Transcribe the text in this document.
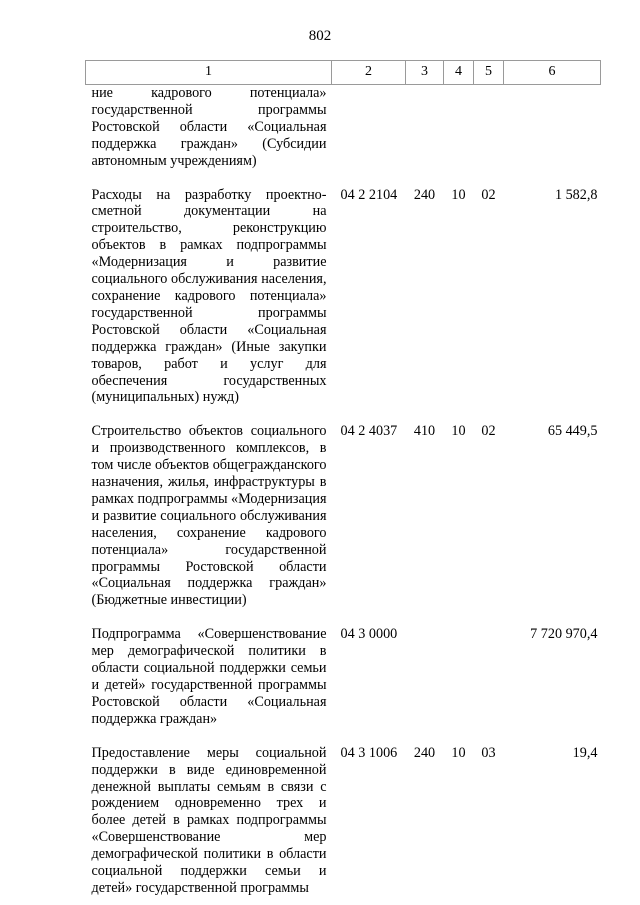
802
1	2	3	4	5	6
ние кадрового потенциала» государственной программы Ростовской области «Социальная поддержка граждан» (Субсидии автономным учреждениям)					
Расходы на разработку проектно-сметной документации на строительство, реконструкцию объектов в рамках подпрограммы «Модернизация и развитие социального обслуживания населения, сохранение кадрового потенциала» государственной программы Ростовской области «Социальная поддержка граждан» (Иные закупки товаров, работ и услуг для обеспечения государственных (муниципальных) нужд)	04 2 2104	240	10	02	1 582,8
Строительство объектов социального и производственного комплексов, в том числе объектов общегражданского назначения, жилья, инфраструктуры в рамках подпрограммы «Модернизация и развитие социального обслуживания населения, сохранение кадрового потенциала» государственной программы Ростовской области «Социальная поддержка граждан» (Бюджетные инвестиции)	04 2 4037	410	10	02	65 449,5
Подпрограмма «Совершенствование мер демографической политики в области социальной поддержки семьи и детей» государственной программы Ростовской области «Социальная поддержка граждан»	04 3 0000				7 720 970,4
Предоставление меры социальной поддержки в виде единовременной денежной выплаты семьям в связи с рождением одновременно трех и более детей в рамках подпрограммы «Совершенствование мер демографической политики в области социальной поддержки семьи и детей» государственной программы	04 3 1006	240	10	03	19,4
